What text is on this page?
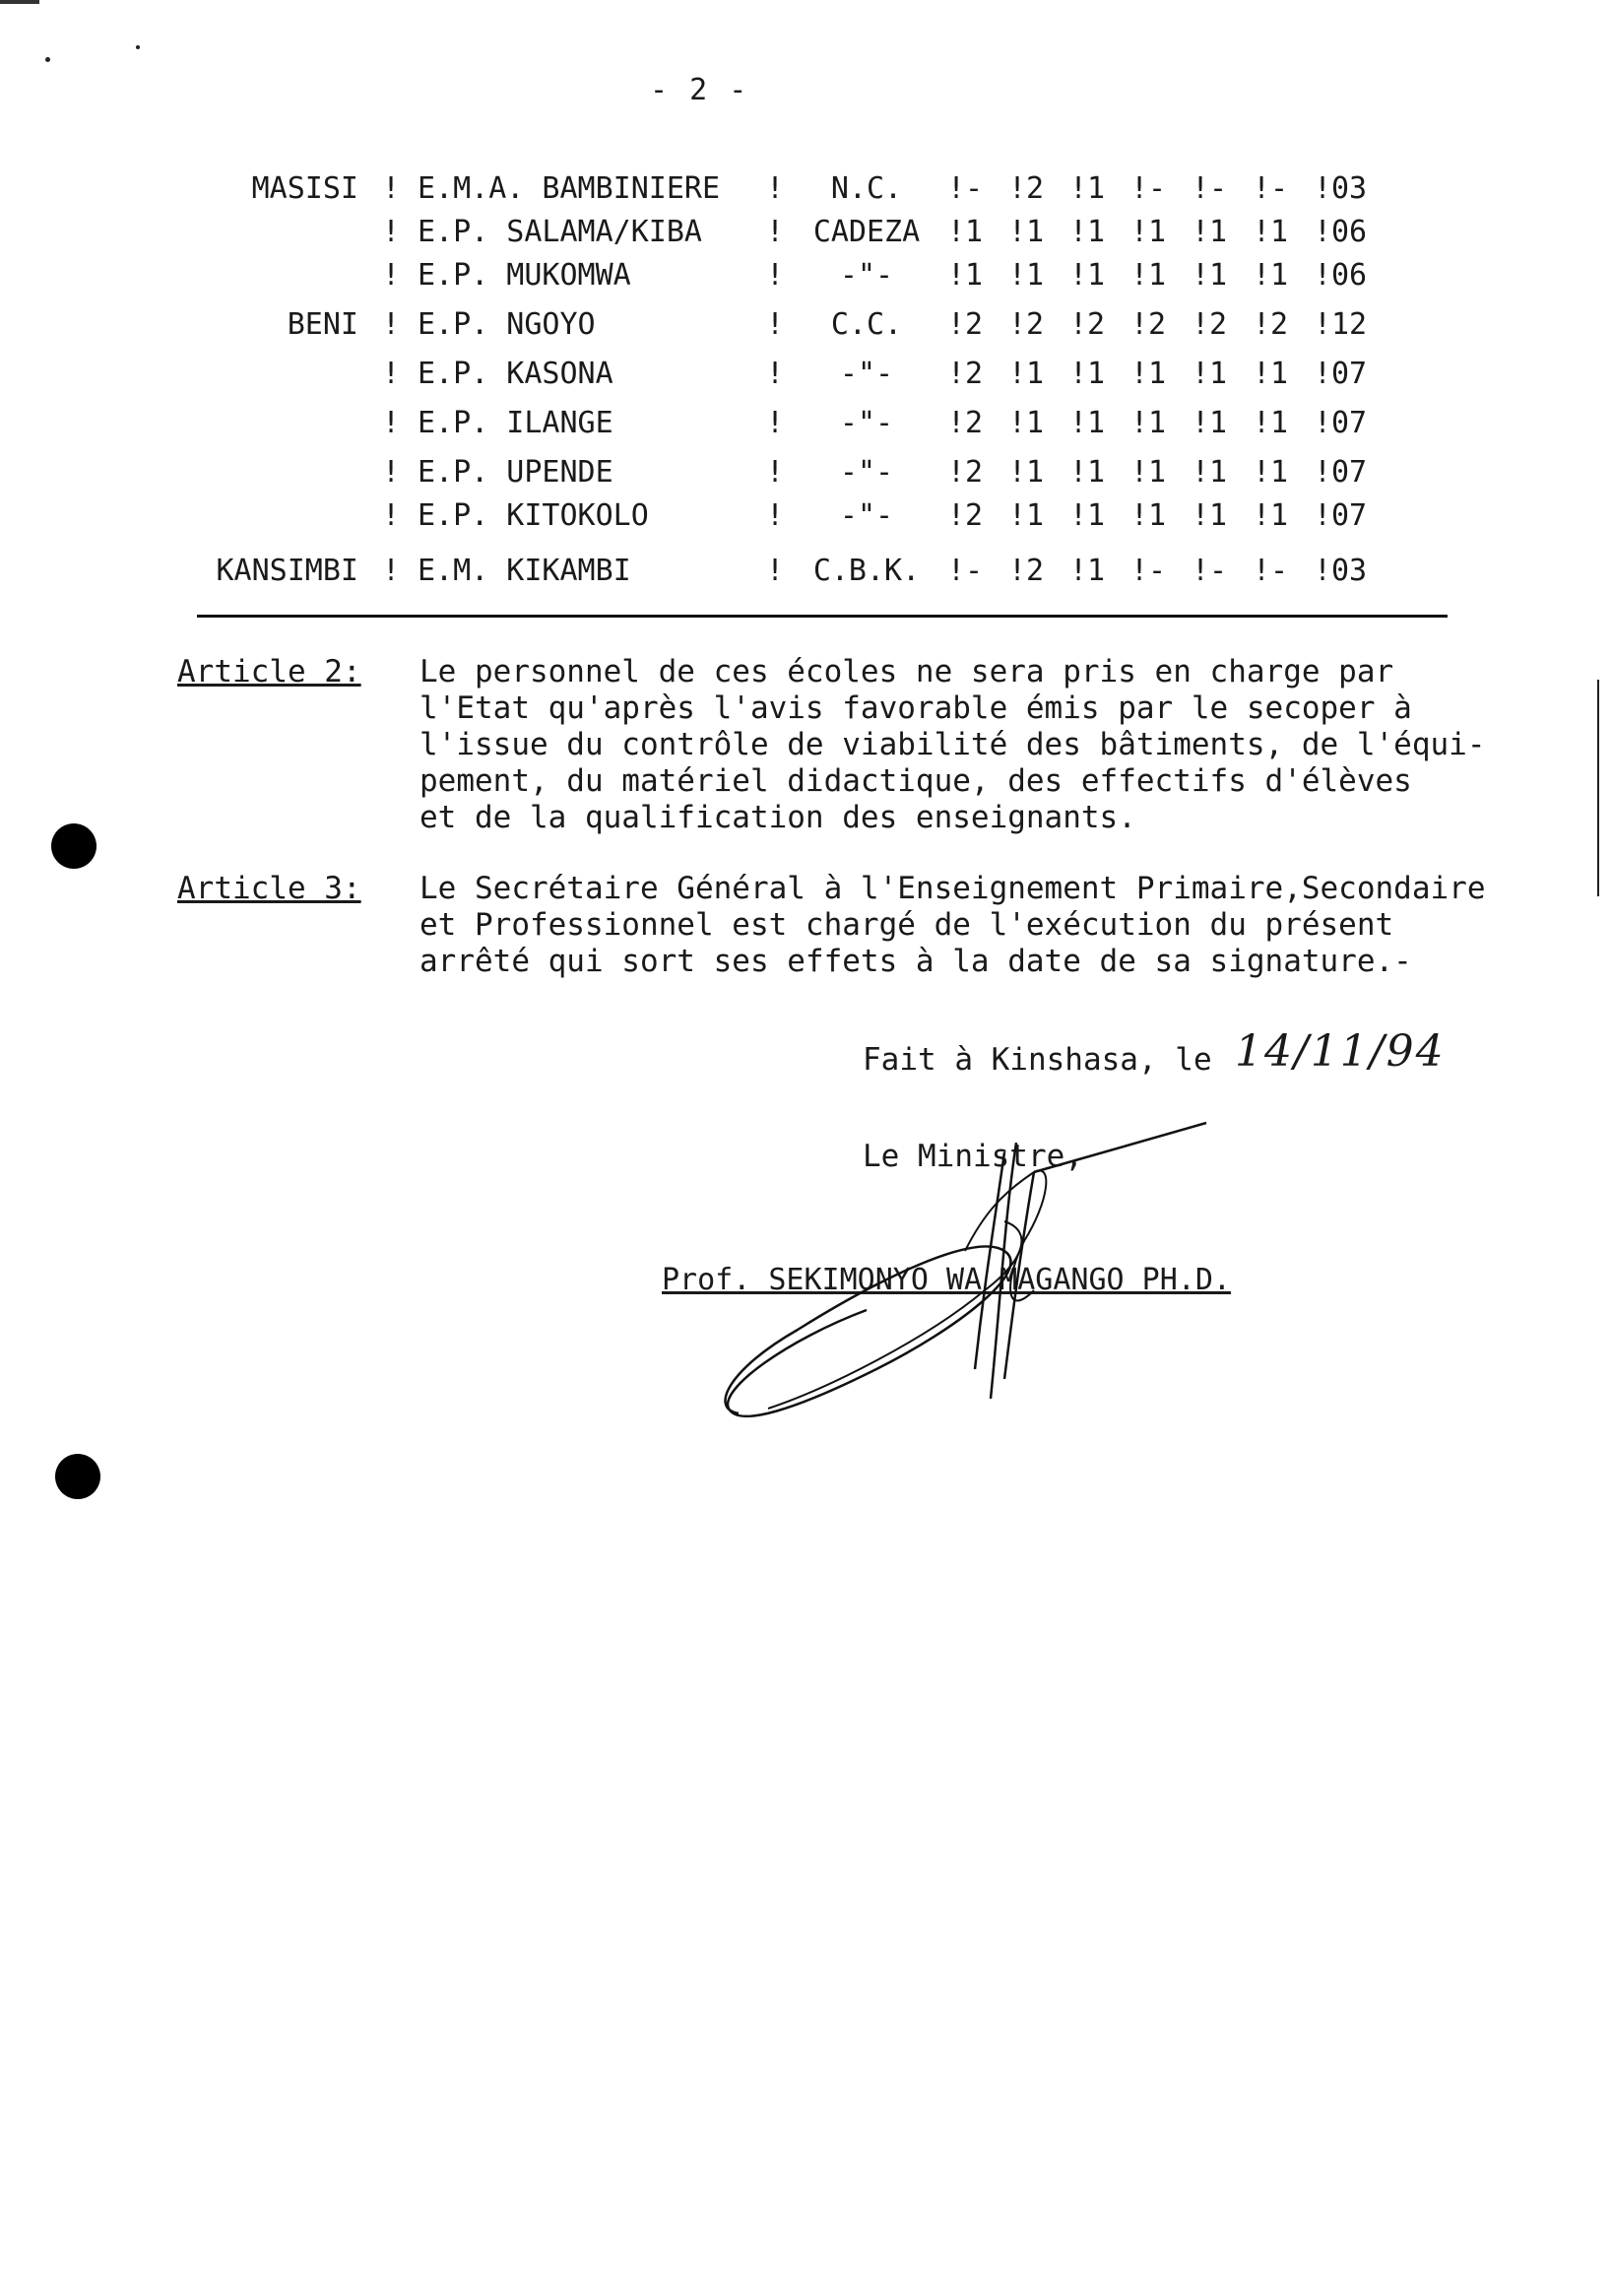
- 2 -
MASISI ! E.M.A. BAMBINIERE !	N.C.	! - ! 2 ! 1 ! - ! - ! - ! 03
! E.P. SALAMA/KIBA ! CADEZA ! 1 ! 1 ! 1 ! 1 ! 1 ! 1 ! 06
! E.P. MUKOMWA	!	-"-	! 1 ! 1 ! 1 ! 1 ! 1 ! 1 ! 06
BENI ! E.P. NGOYO	!	C.C.	! 2 ! 2 ! 2 ! 2 ! 2 ! 2 ! 12
! E.P. KASONA	!	-"-	! 2 ! 1 ! 1 ! 1 ! 1 ! 1 ! 07
! E.P. ILANGE	!	-"-	! 2 ! 1 ! 1 ! 1 ! 1 ! 1 ! 07
! E.P. UPENDE	!	-"-	! 2 ! 1 ! 1 ! 1 ! 1 ! 1 ! 07
! E.P. KITOKOLO	!	-"-	! 2 ! 1 ! 1 ! 1 ! 1 ! 1 ! 07
KANSIMBI ! E.M. KIKAMBI	! C.B.K. ! - ! 2 ! 1 ! - ! - ! - ! 03
Article 2: Le personnel de ces écoles ne sera pris en charge par
l'Etat qu'après l'avis favorable émis par le secoper à
l'issue du contrôle de viabilité des bâtiments, de l'équi-
pement, du matériel didactique, des effectifs d'élèves
et de la qualification des enseignants.
Article 3: Le Secrétaire Général à l'Enseignement Primaire,Secondaire
et Professionnel est chargé de l'exécution du présent
arrêté qui sort ses effets à la date de sa signature.-
Fait à Kinshasa, le 14/11/94
Le Ministre,
Prof. SEKIMONYO WA MAGANGO PH.D.
